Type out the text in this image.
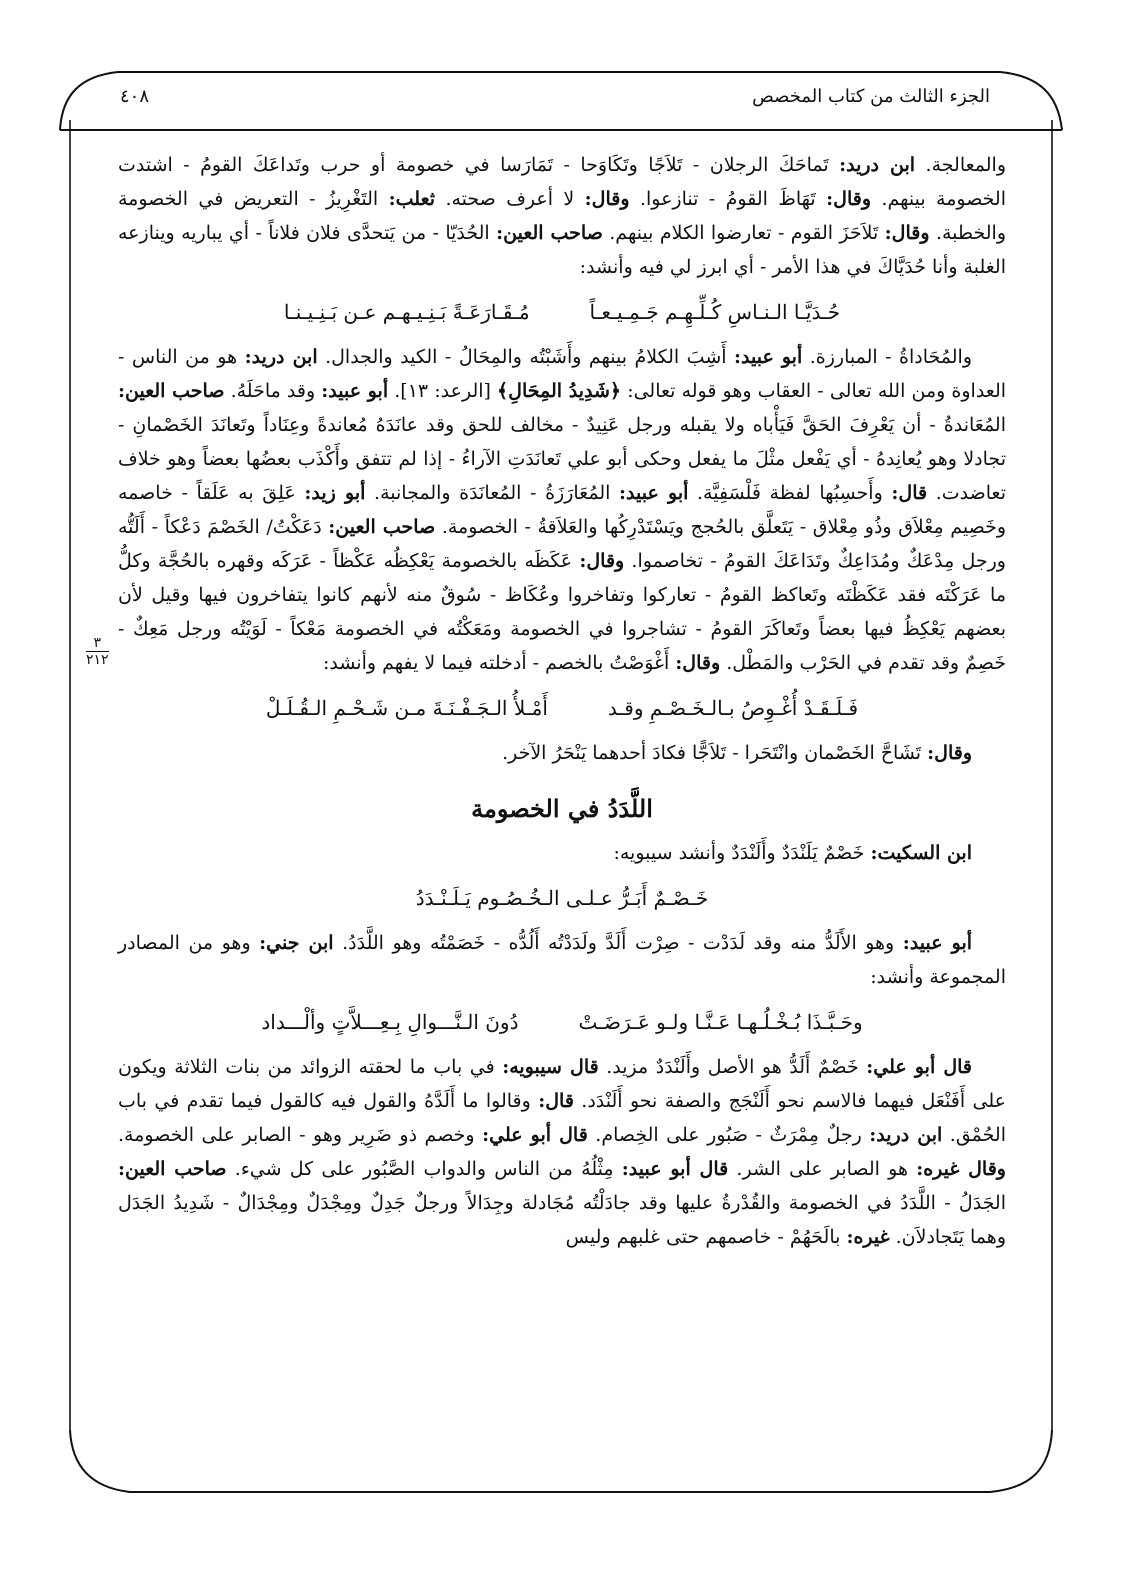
الجزء الثالث من كتاب المخصص
٤٠٨
٣
٢١٢

والمعالجة. ابن دريد: تَماحَكَ الرجلان - تَلاَجًا وتَكَاوَحا - تَمَارَسا في خصومة أو حرب وتَداعَكَ القومُ - اشتدت الخصومة بينهم. وقال: تَهَاظَ القومُ - تنازعوا. وقال: لا أعرف صحته. ثعلب: التَغْرِيزُ - التعريض في الخصومة والخطبة. وقال: تَلاَحَزَ القوم - تعارضوا الكلام بينهم. صاحب العين: الحُدَيّا - من يَتحدَّى فلان فلاناً - أي يباريه وينازعه الغلبة وأنا حُدَيَّاكَ في هذا الأمر - أي ابرز لي فيه وأنشد:

حُـدَيَّـا الـنـاسِ كُـلِّـهِـم جَـمِـيـعـاً
مُـقَـارَعَـةً بَـنِـيـهـم عـن بَـنِـيـنـا

والمُحَاداةُ - المبارزة. أبو عبيد: أَشِبَ الكلامُ بينهم وأَشَبْتُه والمِحَالُ - الكيد والجدال. ابن دريد: هو من الناس - العداوة ومن الله تعالى - العقاب وهو قوله تعالى: ﴿شَدِيدُ المِحَالِ﴾ [الرعد: ١٣]. أبو عبيد: وقد ماحَلَهُ. صاحب العين: المُعَاندةُ - أن يَعْرِفَ الحَقَّ فَيَأْباه ولا يقبله ورجل عَنِيدٌ - مخالف للحق وقد عانَدَهُ مُعاندةً وعِنَاداً وتَعانَدَ الخَصْمانِ - تجادلا وهو يُعانِدهُ - أي يَفْعل مثْلَ ما يفعل وحكى أبو علي تَعانَدَتِ الآراءُ - إذا لم تتفق وأَكْذَب بعضُها بعضاً وهو خلاف تعاضدت. قال: وأَحسِبُها لفظة فَلْسَفِيَّة. أبو عبيد: المُعَارَزَةُ - المُعانَدَة والمجانبة. أبو زيد: عَلِقَ به عَلَقاً - خاصمه وخَصِيم مِعْلاَق وذُو مِعْلاق - يَتَعلَّق بالحُجج ويَسْتَدْرِكُها والعَلاَقةُ - الخصومة. صاحب العين: دَعَكْتُ/ الخَصْمَ دَعْكاً - أَلَتُّه ورجل مِدْعَكٌ ومُدَاعِكٌ وتَدَاعَكَ القومُ - تخاصموا. وقال: عَكَظَه بالخصومة يَعْكِظُه عَكْظاً - عَرَكَه وقهره بالحُجَّة وكلُّ ما عَرَكْتَه فقد عَكَظْتَه وتَعاكظ القومُ - تعاركوا وتفاخروا وعُكَاظ - سُوقٌ منه لأنهم كانوا يتفاخرون فيها وقيل لأن بعضهم يَعْكِظُ فيها بعضاً وتَعاكَرَ القومُ - تشاجروا في الخصومة ومَعَكْتُه في الخصومة مَعْكاً - لَوَيْتُه ورجل مَعِكٌ - خَصِمٌ وقد تقدم في الحَرْب والمَطْل. وقال: أَغْوَصْتُ بالخصم - أدخلته فيما لا يفهم وأنشد:

فَـلَـقَـدْ أُغْـوِصُ بـالـخَـصْـمِ وقـد
أَمْـلأُ الـجَـفْـنَـةَ مـن شَـحْـمِ الـقُـلَـلْ

وقال: تَشَاحَّ الخَصْمان وانْتَحَرا - تَلاَجًّا فكادَ أحدهما يَنْحَرُ الآخر.

اللَّدَدُ في الخصومة

ابن السكيت: خَصْمٌ يَلَنْدَدٌ وأَلَنْدَدٌ وأنشد سيبويه:

خَـصْـمٌ أَبَـرُّ عـلـى الـخُـصُـوم يَـلَـنْـدَدُ

أبو عبيد: وهو الأَلَدُّ منه وقد لَدَدْت - صِرْت أَلَدَّ ولَدَدْتُه أَلُدُّه - خَصَمْتُه وهو اللَّدَدُ. ابن جني: وهو من المصادر المجموعة وأنشد:

وحَـبَّـذَا بُـخْـلُـهـا عَـنَّـا ولـو عَـرَضَـتْ
دُونَ الـنَّـــوالِ بِـعِـــلاَّتٍ وألْـــداد

قال أبو علي: خَصْمٌ أَلَدُّ هو الأصل وأَلَنْدَدٌ مزيد. قال سيبويه: في باب ما لحقته الزوائد من بنات الثلاثة ويكون على أَفَنْعَل فيهما فالاسم نحو أَلَنْجَج والصفة نحو أَلَنْدَد. قال: وقالوا ما أَلَدَّهُ والقول فيه كالقول فيما تقدم في باب الحُمْق. ابن دريد: رجلٌ مِمْرَثٌ - صَبُور على الخِصام. قال أبو علي: وخصم ذو ضَرِير وهو - الصابر على الخصومة. وقال غيره: هو الصابر على الشر. قال أبو عبيد: مِثْلُهُ من الناس والدواب الصَّبُور على كل شيء. صاحب العين: الجَدَلُ - اللَّدَدُ في الخصومة والقُدْرةُ عليها وقد جادَلْتُه مُجَادلة وجِدَالاً ورجلٌ جَدِلٌ ومِجْدَلٌ ومِجْدَالٌ - شَدِيدُ الجَدَل وهما يَتَجادلاَن. غيره: بالَحَهُمْ - خاصمهم حتى غلبهم وليس
